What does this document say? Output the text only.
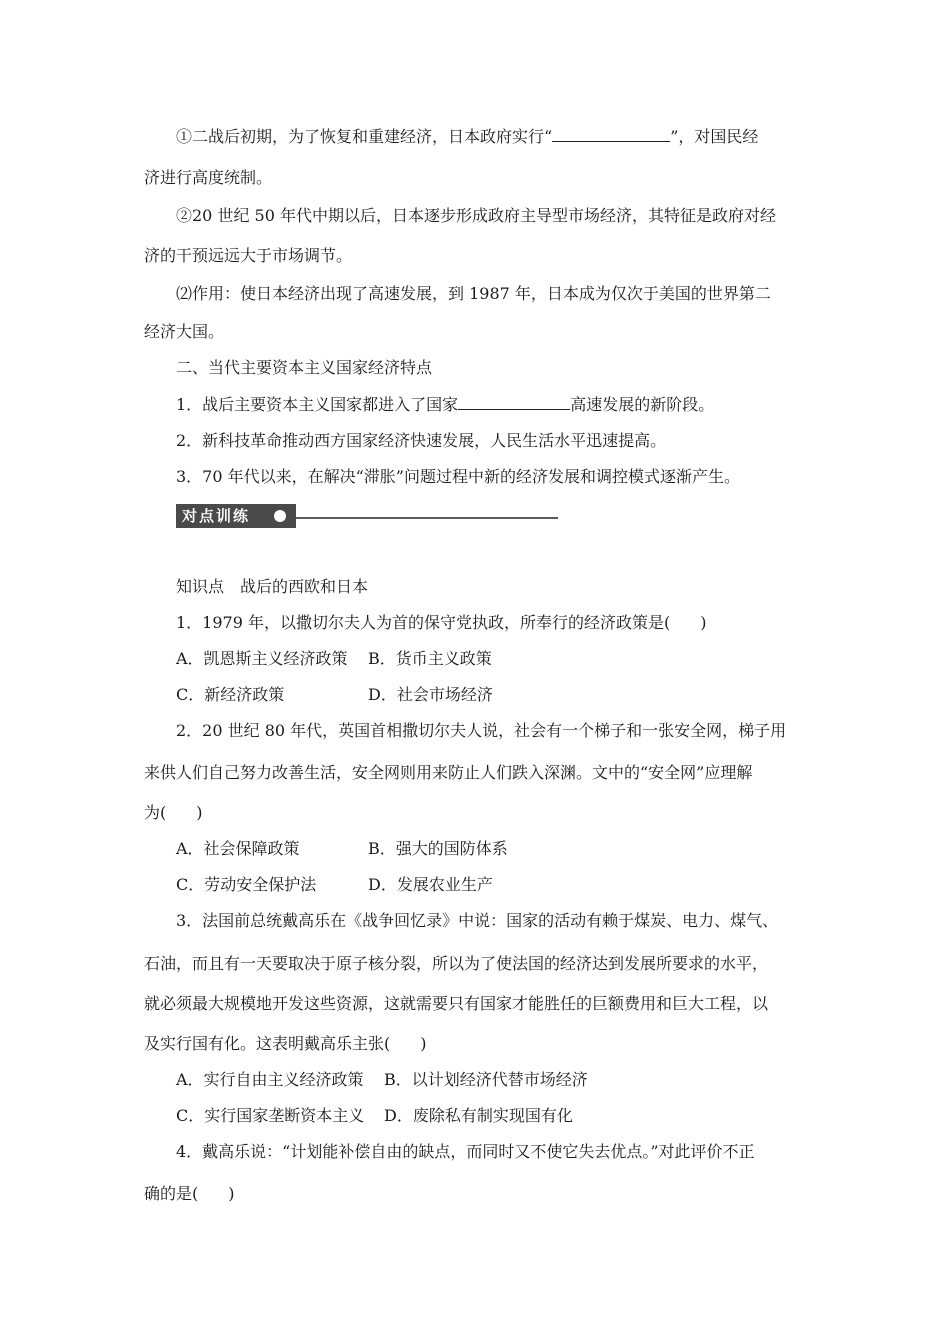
①二战后初期，为了恢复和重建经济，日本政府实行“	”，对国民经
济进行高度统制。
②20 世纪 50 年代中期以后，日本逐步形成政府主导型市场经济，其特征是政府对经
济的干预远远大于市场调节。
⑵作用：使日本经济出现了高速发展，到 1987 年，日本成为仅次于美国的世界第二
经济大国。
二、当代主要资本主义国家经济特点
1．战后主要资本主义国家都进入了国家	高速发展的新阶段。
2．新科技革命推动西方国家经济快速发展，人民生活水平迅速提高。
3．70 年代以来，在解决“滞胀”问题过程中新的经济发展和调控模式逐渐产生。
对点训练
知识点　战后的西欧和日本
1．1979 年，以撒切尔夫人为首的保守党执政，所奉行的经济政策是( )
A．凯恩斯主义经济政策 B．货币主义政策
C．新经济政策	D．社会市场经济
2．20 世纪 80 年代，英国首相撒切尔夫人说，社会有一个梯子和一张安全网，梯子用
来供人们自己努力改善生活，安全网则用来防止人们跌入深渊。文中的“安全网”应理解
为( )
A．社会保障政策	B．强大的国防体系
C．劳动安全保护法	D．发展农业生产
3．法国前总统戴高乐在《战争回忆录》中说：国家的活动有赖于煤炭、电力、煤气、
石油，而且有一天要取决于原子核分裂，所以为了使法国的经济达到发展所要求的水平，
就必须最大规模地开发这些资源，这就需要只有国家才能胜任的巨额费用和巨大工程，以
及实行国有化。这表明戴高乐主张( )
A．实行自由主义经济政策 B．以计划经济代替市场经济
C．实行国家垄断资本主义 D．废除私有制实现国有化
4．戴高乐说：“计划能补偿自由的缺点，而同时又不使它失去优点。”对此评价不正
确的是( )
